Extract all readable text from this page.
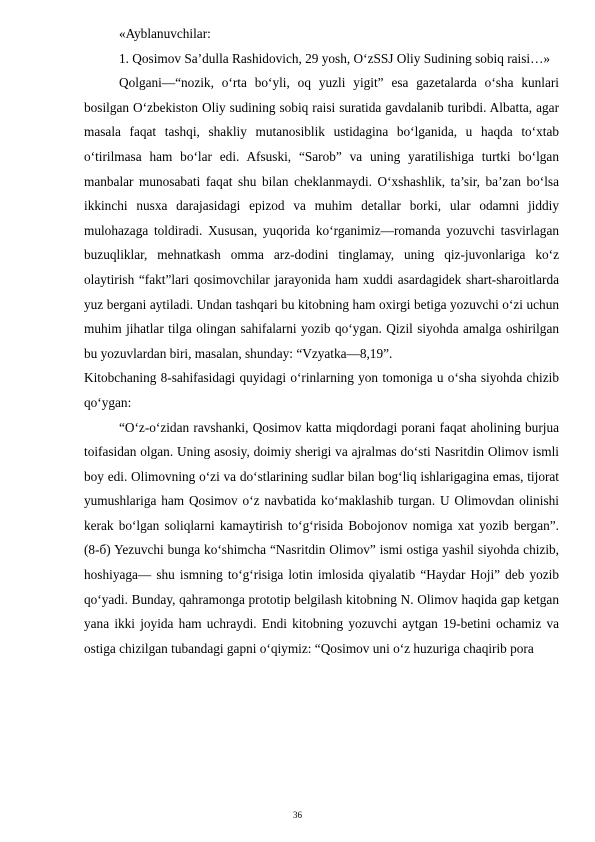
«Ayblanuvchilar:

1. Qosimov Sa’dulla Rashidovich, 29 yosh, O‘zSSJ Oliy Sudining sobiq raisi…»

Qolgani—“nozik, o‘rta bo‘yli, oq yuzli yigit” esa gazetalarda o‘sha kunlari bosilgan O‘zbekiston Oliy sudining sobiq raisi suratida gavdalanib turibdi. Albatta, agar masala faqat tashqi, shakliy mutanosiblik ustidagina bo‘lganida, u haqda to‘xtab o‘tirilmasa ham bo‘lar edi. Afsuski, “Sarob” va uning yaratilishiga turtki bo‘lgan manbalar munosabati faqat shu bilan cheklanmaydi. O‘xshashlik, ta’sir, ba’zan bo‘lsa ikkinchi nusxa darajasidagi epizod va muhim detallar borki, ular odamni jiddiy mulohazaga toldiradi. Xususan, yuqorida ko‘rganimiz—romanda yozuvchi tasvirlagan buzuqliklar, mehnatkash omma arz-dodini tinglamay, uning qiz-juvonlariga ko‘z olaytirish “fakt”lari qosimovchilar jarayonida ham xuddi asardagidek shart-sharoitlarda yuz bergani aytiladi. Undan tashqari bu kitobning ham oxirgi betiga yozuvchi o‘zi uchun muhim jihatlar tilga olingan sahifalarni yozib qo‘ygan. Qizil siyohda amalga oshirilgan bu yozuvlardan biri, masalan, shunday: “Vzyatka—8,19”.

Kitobchaning 8-sahifasidagi quyidagi o‘rinlarning yon tomoniga u o‘sha siyohda chizib qo‘ygan:

“O‘z-o‘zidan ravshanki, Qosimov katta miqdordagi porani faqat aholining burjua toifasidan olgan. Uning asosiy, doimiy sherigi va ajralmas do‘sti Nasritdin Olimov ismli boy edi. Olimovning o‘zi va do‘stlarining sudlar bilan bog‘liq ishlarigagina emas, tijorat yumushlariga ham Qosimov o‘z navbatida ko‘maklashib turgan. U Olimovdan olinishi kerak bo‘lgan soliqlarni kamaytirish to‘g‘risida Bobojonov nomiga xat yozib bergan”. (8-б) Yezuvchi bunga ko‘shimcha “Nasritdin Olimov” ismi ostiga yashil siyohda chizib, hoshiyaga— shu ismning to‘g‘risiga lotin imlosida qiyalatib “Haydar Hoji” deb yozib qo‘yadi. Bunday, qahramonga prototip belgilash kitobning N. Olimov haqida gap ketgan yana ikki joyida ham uchraydi. Endi kitobning yozuvchi aytgan 19-betini ochamiz va ostiga chizilgan tubandagi gapni o‘qiymiz: “Qosimov uni o‘z huzuriga chaqirib pora

36
